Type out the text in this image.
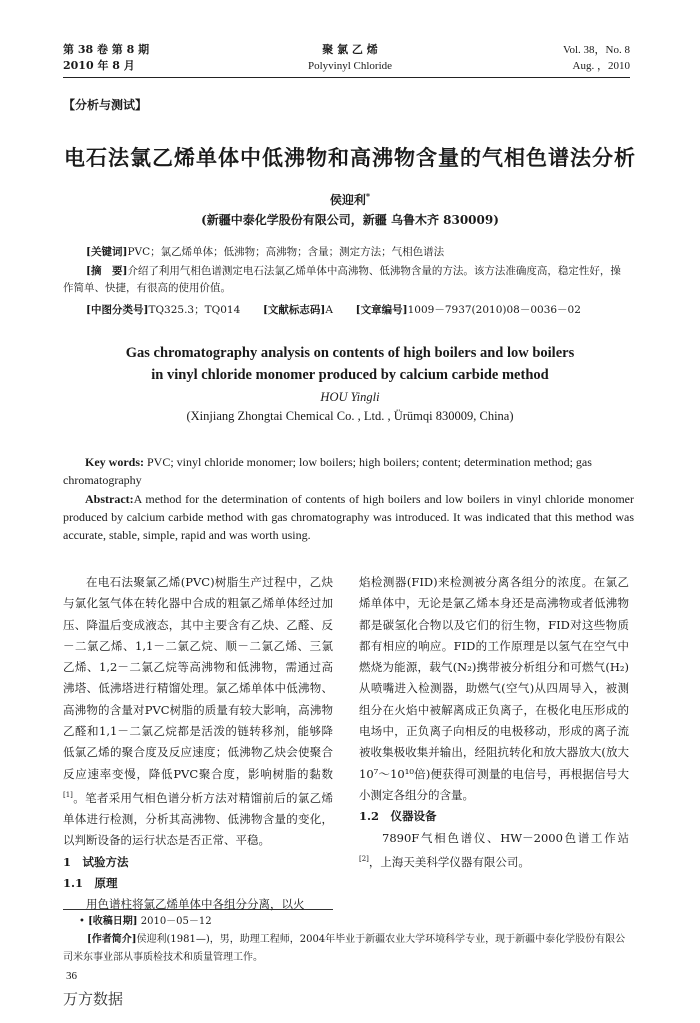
第 38 卷 第 8 期
2010 年 8 月
聚 氯 乙 烯
Polyvinyl Chloride
Vol. 38，No. 8
Aug. ，2010
【分析与测试】
电石法氯乙烯单体中低沸物和高沸物含量的气相色谱法分析
侯迎利*
(新疆中泰化学股份有限公司，新疆 乌鲁木齐 830009)
[关键词]PVC；氯乙烯单体；低沸物；高沸物；含量；测定方法；气相色谱法
[摘　要]介绍了利用气相色谱测定电石法氯乙烯单体中高沸物、低沸物含量的方法。该方法准确度高，稳定性好，操作简单、快捷，有很高的使用价值。
[中图分类号]TQ325.3；TQ014 [文献标志码]A [文章编号]1009－7937(2010)08－0036－02
Gas chromatography analysis on contents of high boilers and low boilers
in vinyl chloride monomer produced by calcium carbide method
HOU Yingli
(Xinjiang Zhongtai Chemical Co. , Ltd. , Ürümqi 830009, China)
Key words: PVC; vinyl chloride monomer; low boilers; high boilers; content; determination method; gas chromatography
Abstract:A method for the determination of contents of high boilers and low boilers in vinyl chloride monomer produced by calcium carbide method with gas chromatography was introduced. It was indicated that this method was accurate, stable, simple, rapid and was worth using.

在电石法聚氯乙烯(PVC)树脂生产过程中，乙炔与氯化氢气体在转化器中合成的粗氯乙烯单体经过加压、降温后变成液态，其中主要含有乙炔、乙醛、反－二氯乙烯、1,1－二氯乙烷、顺－二氯乙烯、三氯乙烯、1,2－二氯乙烷等高沸物和低沸物，需通过高沸塔、低沸塔进行精馏处理。氯乙烯单体中低沸物、高沸物的含量对PVC树脂的质量有较大影响，高沸物乙醛和1,1－二氯乙烷都是活泼的链转移剂，能够降低氯乙烯的聚合度及反应速度；低沸物乙炔会使聚合反应速率变慢，降低PVC聚合度，影响树脂的黏数[1]。笔者采用气相色谱分析方法对精馏前后的氯乙烯单体进行检测，分析其高沸物、低沸物含量的变化，以判断设备的运行状态是否正常、平稳。

1　试验方法

1.1　原理

用色谱柱将氯乙烯单体中各组分分离，以火

焰检测器(FID)来检测被分离各组分的浓度。在氯乙烯单体中，无论是氯乙烯本身还是高沸物或者低沸物都是碳氢化合物以及它们的衍生物，FID对这些物质都有相应的响应。FID的工作原理是以氢气在空气中燃烧为能源，载气(N₂)携带被分析组分和可燃气(H₂)从喷嘴进入检测器，助燃气(空气)从四周导入，被测组分在火焰中被解离成正负离子，在极化电压形成的电场中，正负离子向相反的电极移动，形成的离子流被收集极收集并输出，经阻抗转化和放大器放大(放大10⁷～10¹⁰倍)便获得可测量的电信号，再根据信号大小测定各组分的含量。

1.2　仪器设备

7890F气相色谱仪、HW－2000色谱工作站[2]，上海天美科学仪器有限公司。

• [收稿日期] 2010－05－12
[作者简介]侯迎利(1981—)，男，助理工程师，2004年毕业于新疆农业大学环境科学专业，现于新疆中泰化学股份有限公司米东事业部从事质检技术和质量管理工作。
36
万方数据
